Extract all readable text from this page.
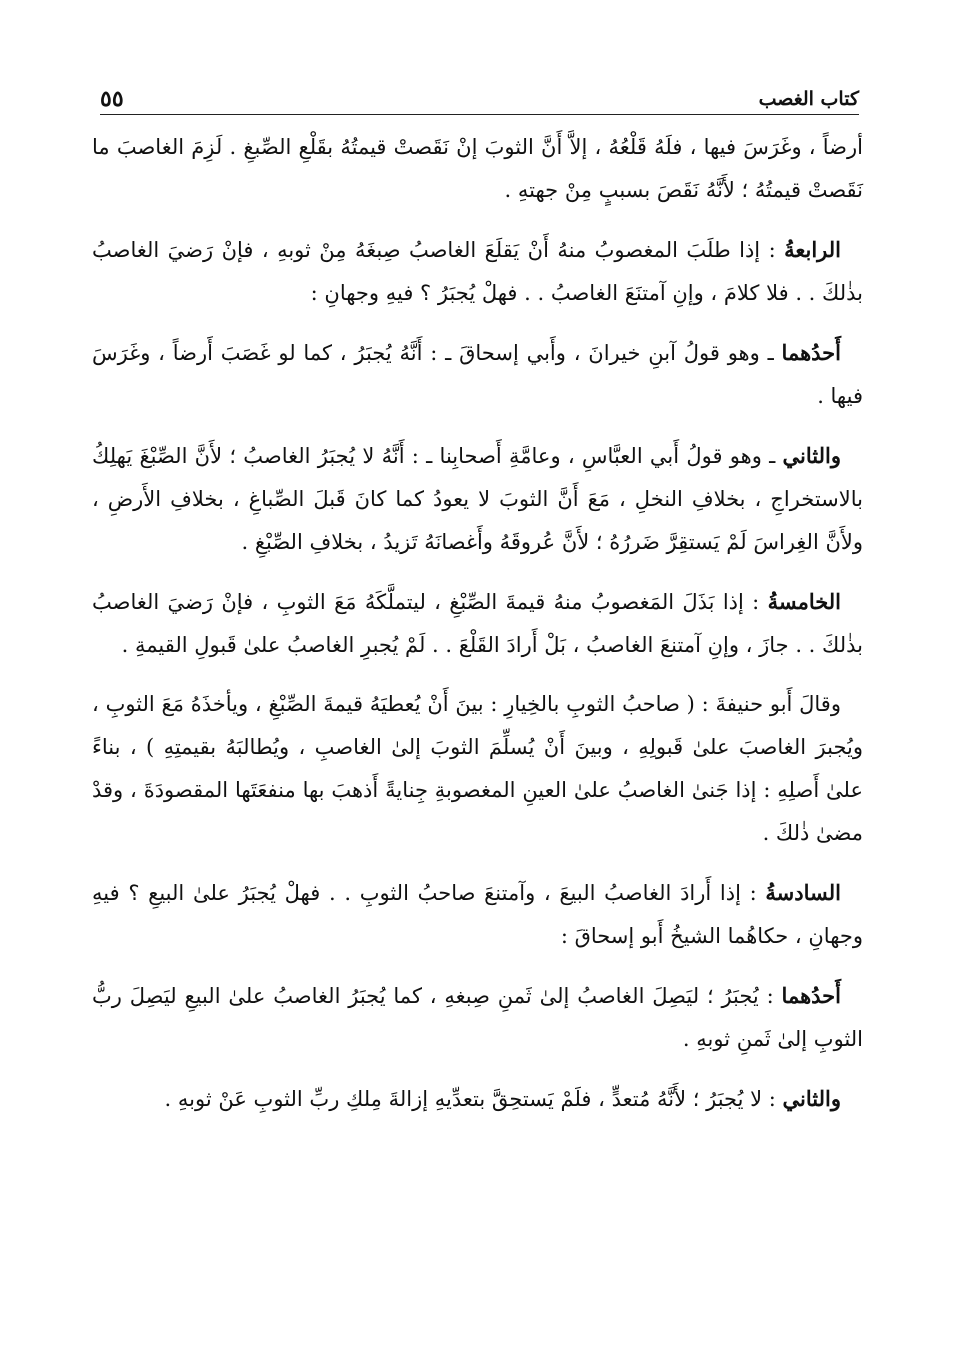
كتاب الغصب
٥٥

أرضاً ، وغَرَسَ فيها ، فلَهُ قَلْعُهُ ، إلاَّ أَنَّ الثوبَ إنْ نَقَصتْ قيمتُهُ بقَلْعِ الصِّبغِ . لَزِمَ الغاصبَ ما نَقَصتْ قيمتُهُ ؛ لأَنَّهُ نَقَصَ بسببٍ مِنْ جهتهِ .

الرابعةُ : إذا طلَبَ المغصوبُ منهُ أَنْ يَقلَعَ الغاصبُ صِبغَهُ مِنْ ثوبهِ ، فإنْ رَضيَ الغاصبُ بذٰلكَ . . فلا كلامَ ، وإنِ آمتنَعَ الغاصبُ . . فهلْ يُجبَرُ ؟ فيهِ وجهانِ :

أَحدُهما ـ وهو قولُ آبنِ خيرانَ ، وأَبي إسحاقَ ـ : أَنَّهُ يُجبَرُ ، كما لو غَصَبَ أَرضاً ، وغَرَسَ فيها .

والثاني ـ وهو قولُ أَبي العبَّاسِ ، وعامَّةِ أَصحابِنا ـ : أَنَّهُ لا يُجبَرُ الغاصبُ ؛ لأَنَّ الصِّبْغَ يَهلِكُ بالاستخراجِ ، بخلافِ النخلِ ، مَعَ أَنَّ الثوبَ لا يعودُ كما كانَ قَبلَ الصِّباغِ ، بخلافِ الأَرضِ ، ولأَنَّ الغِراسَ لَمْ يَستقِرَّ ضَررُهُ ؛ لأَنَّ عُروقَهُ وأَغصانَهُ تَزيدُ ، بخلافِ الصِّبْغِ .

الخامسةُ : إذا بَذَلَ المَغصوبُ منهُ قيمةَ الصِّبْغِ ، ليتملَّكَهُ مَعَ الثوبِ ، فإنْ رَضيَ الغاصبُ بذٰلكَ . . جازَ ، وإنِ آمتنعَ الغاصبُ ، بَلْ أَرادَ القَلْعَ . . لَمْ يُجبرِ الغاصبُ علىٰ قَبولِ القيمةِ .

وقالَ أَبو حنيفةَ : ( صاحبُ الثوبِ بالخِيارِ : بينَ أَنْ يُعطيَهُ قيمةَ الصِّبْغِ ، ويأخذَهُ مَعَ الثوبِ ، ويُجبرَ الغاصبَ علىٰ قَبولِهِ ، وبينَ أَنْ يُسلِّمَ الثوبَ إلىٰ الغاصبِ ، ويُطالبَهُ بقيمتِهِ ) ، بناءً علىٰ أَصلِهِ : إذا جَنىٰ الغاصبُ علىٰ العينِ المغصوبةِ جِنايةً أَذهبَ بها منفعَتَها المقصودَةَ ، وقدْ مضىٰ ذٰلكَ .

السادسةُ : إذا أَرادَ الغاصبُ البيعَ ، وآمتنعَ صاحبُ الثوبِ . . فهلْ يُجبَرُ علىٰ البيعِ ؟ فيهِ وجهانِ ، حكاهُما الشيخُ أَبو إسحاقَ :

أَحدُهما : يُجبَرُ ؛ ليَصِلَ الغاصبُ إلىٰ ثَمنِ صِبغهِ ، كما يُجبَرُ الغاصبُ علىٰ البيعِ ليَصِلَ ربُّ الثوبِ إلىٰ ثَمنِ ثوبهِ .

والثاني : لا يُجبَرُ ؛ لأَنَّهُ مُتعدٍّ ، فلَمْ يَستحِقَّ بتعدِّيهِ إزالةَ مِلكِ ربِّ الثوبِ عَنْ ثوبهِ .
